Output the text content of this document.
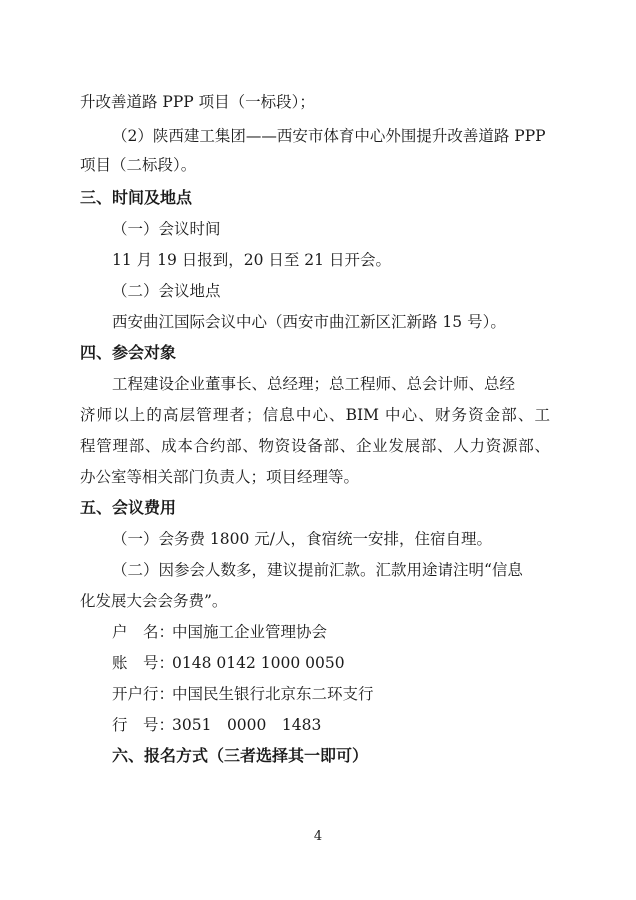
升改善道路 PPP 项目（一标段）；
（2）陕西建工集团——西安市体育中心外围提升改善道路 PPP
项目（二标段）。
三、时间及地点
（一）会议时间
11 月 19 日报到，20 日至 21 日开会。
（二）会议地点
西安曲江国际会议中心（西安市曲江新区汇新路 15 号）。
四、参会对象
工程建设企业董事长、总经理；总工程师、总会计师、总经
济师以上的高层管理者；信息中心、BIM 中心、财务资金部、工
程管理部、成本合约部、物资设备部、企业发展部、人力资源部、
办公室等相关部门负责人；项目经理等。
五、会议费用
（一）会务费 1800 元/人，食宿统一安排，住宿自理。
（二）因参会人数多，建议提前汇款。汇款用途请注明“信息
化发展大会会务费”。
户　名：中国施工企业管理协会
账　号：0148 0142 1000 0050
开户行：中国民生银行北京东二环支行
行　号：3051　0000　1483
六、报名方式（三者选择其一即可）
4
